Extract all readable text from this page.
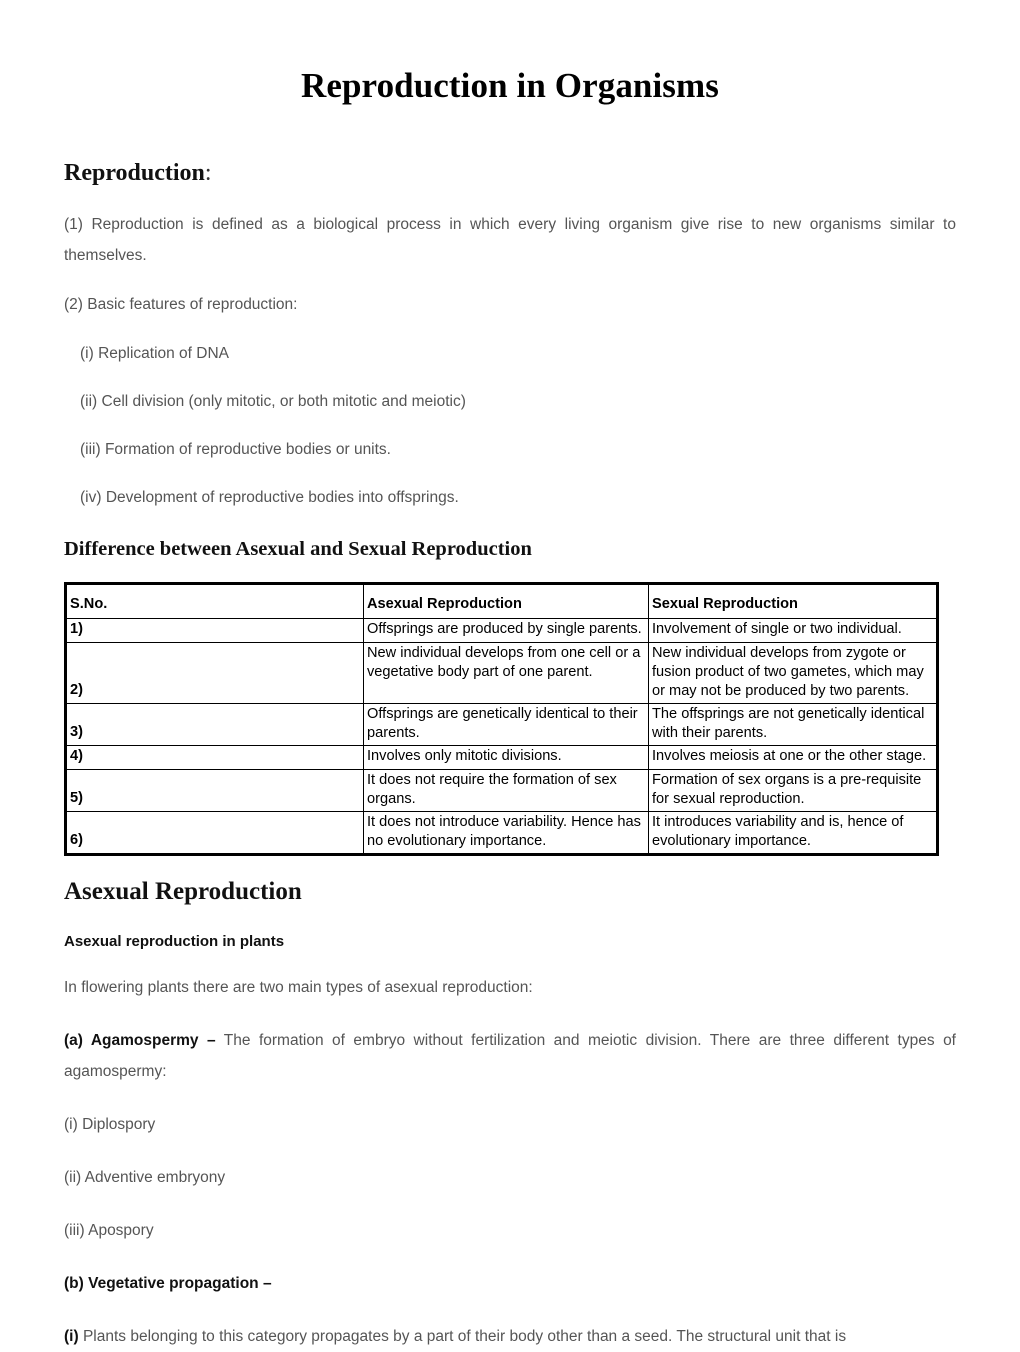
Reproduction in Organisms
Reproduction:

(1) Reproduction is defined as a biological process in which every living organism give rise to new organisms similar to themselves.

(2) Basic features of reproduction:

(i) Replication of DNA

(ii) Cell division (only mitotic, or both mitotic and meiotic)

(iii) Formation of reproductive bodies or units.

(iv) Development of reproductive bodies into offsprings.

Difference between Asexual and Sexual Reproduction
S.No.	Asexual Reproduction	Sexual Reproduction
1)	Offsprings are produced by single parents.	Involvement of single or two individual.
2)	New individual develops from one cell or a vegetative body part of one parent.	New individual develops from zygote or fusion product of two gametes, which may or may not be produced by two parents.
3)	Offsprings are genetically identical to their parents.	The offsprings are not genetically identical with their parents.
4)	Involves only mitotic divisions.	Involves meiosis at one or the other stage.
5)	It does not require the formation of sex organs.	Formation of sex organs is a pre-requisite for sexual reproduction.
6)	It does not introduce variability. Hence has no evolutionary importance.	It introduces variability and is, hence of evolutionary importance.
Asexual Reproduction

Asexual reproduction in plants

In flowering plants there are two main types of asexual reproduction:

(a) Agamospermy – The formation of embryo without fertilization and meiotic division. There are three different types of agamospermy:

(i) Diplospory

(ii) Adventive embryony

(iii) Apospory

(b) Vegetative propagation –

(i) Plants belonging to this category propagates by a part of their body other than a seed. The structural unit that is
